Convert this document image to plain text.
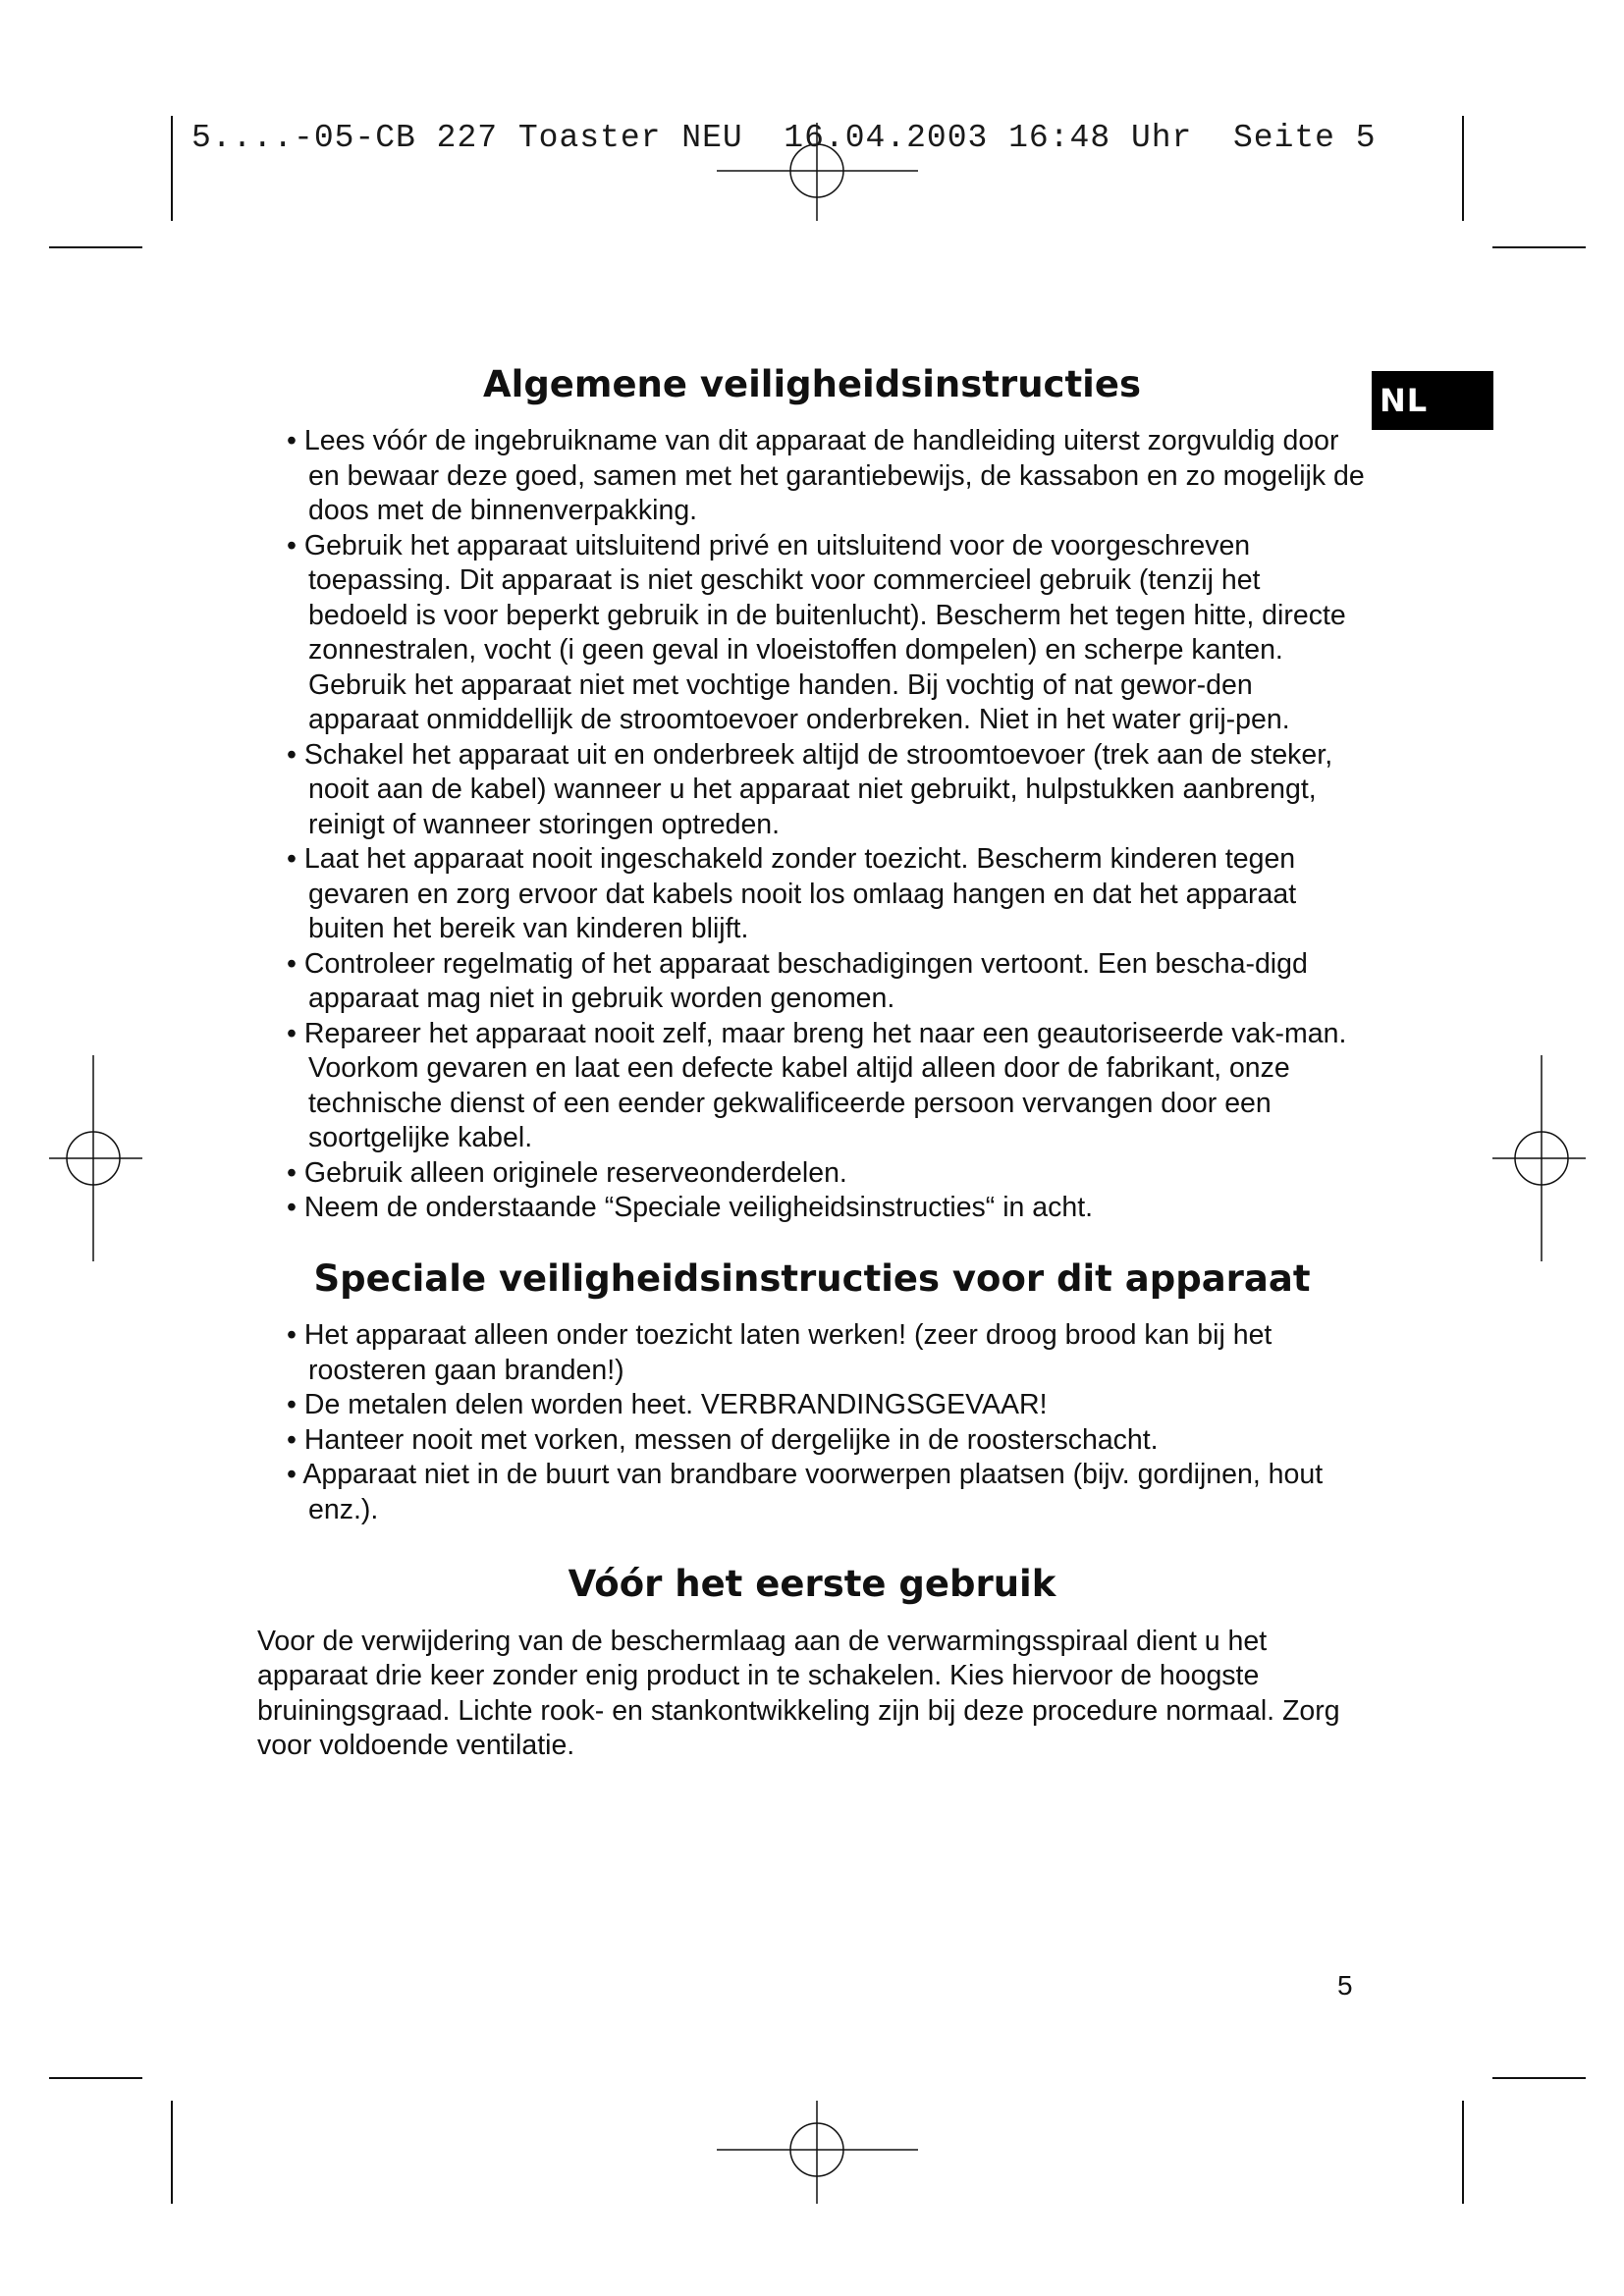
5....-05-CB 227 Toaster NEU  16.04.2003 16:48 Uhr  Seite 5
NL
Algemene veiligheidsinstructies
• Lees vóór de ingebruikname van dit apparaat de handleiding uiterst zorgvuldig door en bewaar deze goed, samen met het garantiebewijs, de kassabon en zo mogelijk de doos met de binnenverpakking.
• Gebruik het apparaat uitsluitend privé en uitsluitend voor de voorgeschreven toepassing. Dit apparaat is niet geschikt voor commercieel gebruik (tenzij het bedoeld is voor beperkt gebruik in de buitenlucht). Bescherm het tegen hitte, directe zonnestralen, vocht (i geen geval in vloeistoffen dompelen) en scherpe kanten. Gebruik het apparaat niet met vochtige handen. Bij vochtig of nat gewor-den apparaat onmiddellijk de stroomtoevoer onderbreken. Niet in het water grij-pen.
• Schakel het apparaat uit en onderbreek altijd de stroomtoevoer (trek aan de steker, nooit aan de kabel) wanneer u het apparaat niet gebruikt, hulpstukken aanbrengt, reinigt of wanneer storingen optreden.
• Laat het apparaat nooit ingeschakeld zonder toezicht. Bescherm kinderen tegen gevaren en zorg ervoor dat kabels nooit los omlaag hangen en dat het apparaat buiten het bereik van kinderen blijft.
• Controleer regelmatig of het apparaat beschadigingen vertoont. Een bescha-digd apparaat mag niet in gebruik worden genomen.
• Repareer het apparaat nooit zelf, maar breng het naar een geautoriseerde vak-man. Voorkom gevaren en laat een defecte kabel altijd alleen door de fabrikant, onze technische dienst of een eender gekwalificeerde persoon vervangen door een soortgelijke kabel.
• Gebruik alleen originele reserveonderdelen.
• Neem de onderstaande “Speciale veiligheidsinstructies“ in acht.
Speciale veiligheidsinstructies voor dit apparaat
• Het apparaat alleen onder toezicht laten werken! (zeer droog brood kan bij het roosteren gaan branden!)
• De metalen delen worden heet. VERBRANDINGSGEVAAR!
• Hanteer nooit met vorken, messen of dergelijke in de roosterschacht.
• Apparaat niet in de buurt van brandbare voorwerpen plaatsen (bijv. gordijnen, hout enz.).
Vóór het eerste gebruik

Voor de verwijdering van de beschermlaag aan de verwarmingsspiraal dient u het apparaat drie keer zonder enig product in te schakelen. Kies hiervoor de hoogste bruiningsgraad. Lichte rook- en stankontwikkeling zijn bij deze procedure normaal. Zorg voor voldoende ventilatie.

5
